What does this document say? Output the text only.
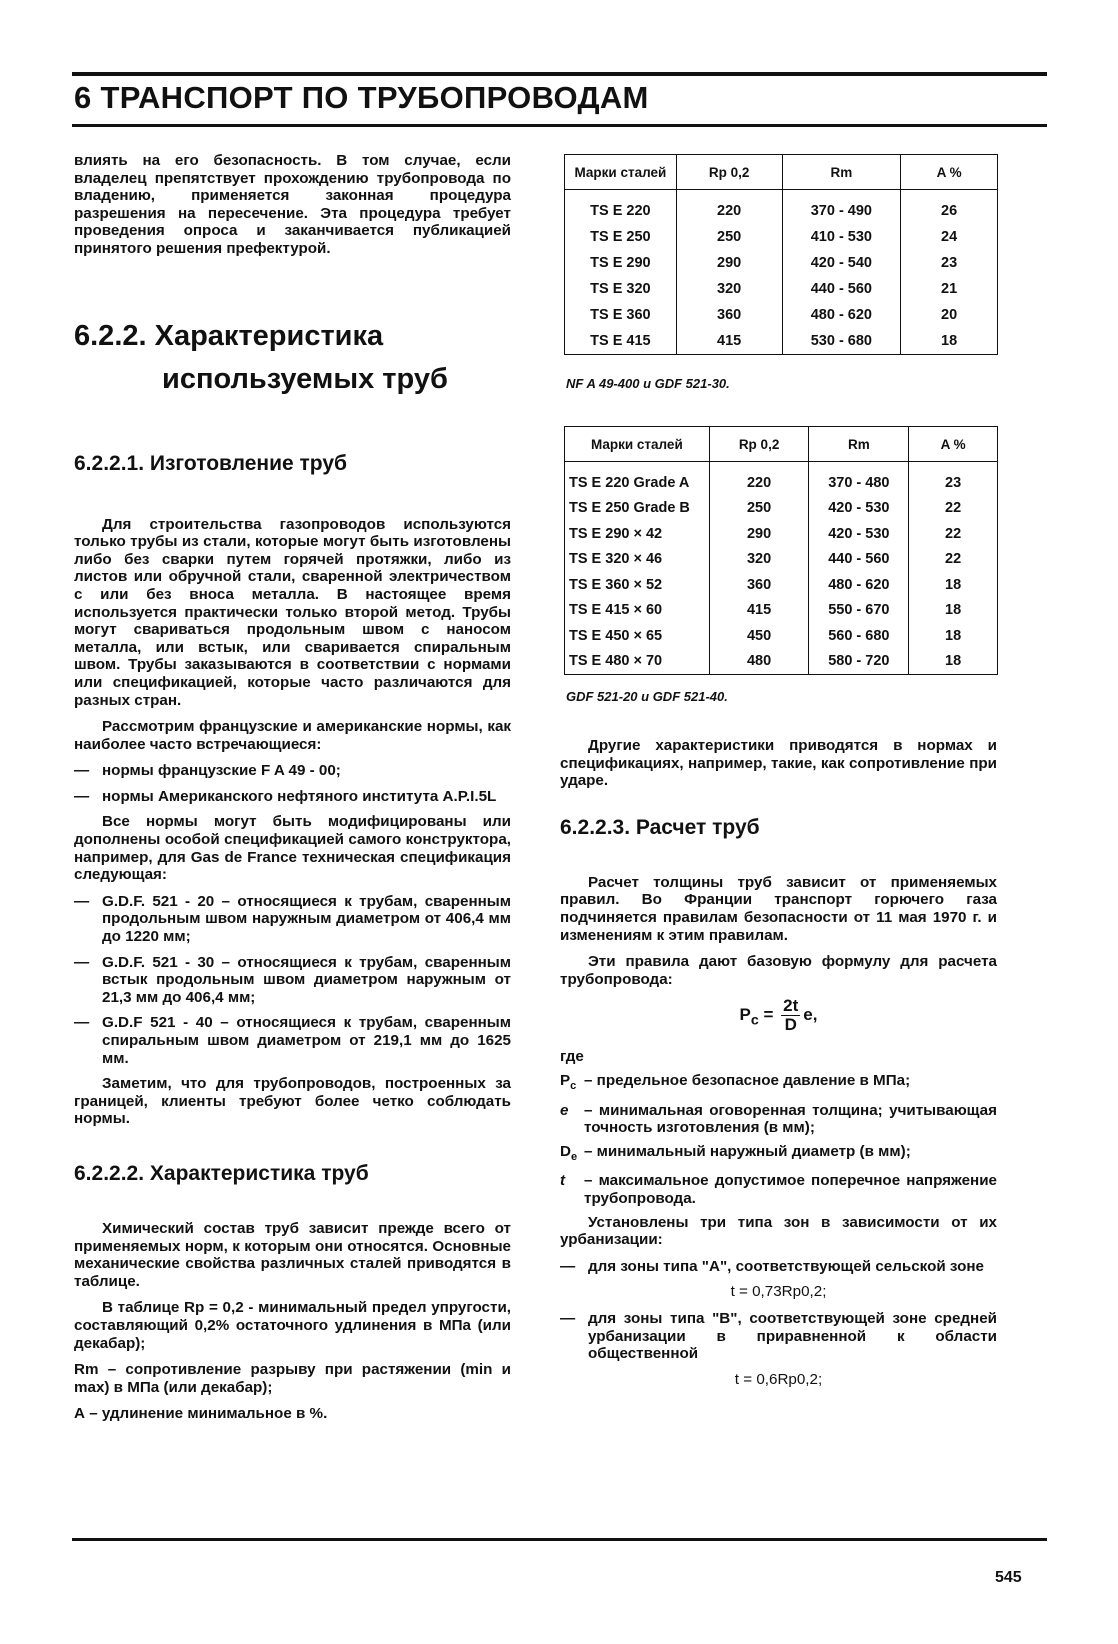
6 ТРАНСПОРТ ПО ТРУБОПРОВОДАМ

влиять на его безопасность. В том случае, если владелец препятствует прохождению трубопровода по владению, применяется законная процедура разрешения на пересечение. Эта процедура требует проведения опроса и заканчивается публикацией принятого решения префектурой.

6.2.2. Характеристика

используемых труб

6.2.2.1. Изготовление труб

Для строительства газопроводов используются только трубы из стали, которые могут быть изготовлены либо без сварки путем горячей протяжки, либо из листов или обручной стали, сваренной электричеством с или без вноса металла. В настоящее время используется практически только второй метод. Трубы могут свариваться продольным швом с наносом металла, или встык, или сваривается спиральным швом. Трубы заказываются в соответствии с нормами или спецификацией, которые часто различаются для разных стран.

Рассмотрим французские и американские нормы, как наиболее часто встречающиеся:

— нормы французские F A 49 - 00;
— нормы Американского нефтяного института A.P.I.5L

Все нормы могут быть модифицированы или дополнены особой спецификацией самого конструктора, например, для Gas de France техническая спецификация следующая:

— G.D.F. 521 - 20 – относящиеся к трубам, сваренным продольным швом наружным диаметром от 406,4 мм до 1220 мм;
— G.D.F. 521 - 30 – относящиеся к трубам, сваренным встык продольным швом диаметром наружным от 21,3 мм до 406,4 мм;
— G.D.F 521 - 40 – относящиеся к трубам, сваренным спиральным швом диаметром от 219,1 мм до 1625 мм.

Заметим, что для трубопроводов, построенных за границей, клиенты требуют более четко соблюдать нормы.

6.2.2.2. Характеристика труб

Химический состав труб зависит прежде всего от применяемых норм, к которым они относятся. Основные механические свойства различных сталей приводятся в таблице.

В таблице Rp = 0,2 - минимальный предел упругости, составляющий 0,2% остаточного удлинения в МПа (или декабар);

Rm – сопротивление разрыву при растяжении (min и max) в МПа (или декабар);

А – удлинение минимальное в %.

Марки сталей	Rp 0,2	Rm	A %
TS E 220	220	370 - 490	26
TS E 250	250	410 - 530	24
TS E 290	290	420 - 540	23
TS E 320	320	440 - 560	21
TS E 360	360	480 - 620	20
TS E 415	415	530 - 680	18

NF A 49-400 и GDF 521-30.

Марки сталей	Rp 0,2	Rm	A %
TS E 220 Grade A	220	370 - 480	23
TS E 250 Grade B	250	420 - 530	22
TS E 290 × 42	290	420 - 530	22
TS E 320 × 46	320	440 - 560	22
TS E 360 × 52	360	480 - 620	18
TS E 415 × 60	415	550 - 670	18
TS E 450 × 65	450	560 - 680	18
TS E 480 × 70	480	580 - 720	18

GDF 521-20 и GDF 521-40.

Другие характеристики приводятся в нормах и спецификациях, например, такие, как сопротивление при ударе.

6.2.2.3. Расчет труб

Расчет толщины труб зависит от применяемых правил. Во Франции транспорт горючего газа подчиняется правилам безопасности от 11 мая 1970 г. и изменениям к этим правилам.

Эти правила дают базовую формулу для расчета трубопровода:

$P_c = \frac{2t}{D} e$,

где

$P_c$ – предельное безопасное давление в МПа;
e	– минимальная оговоренная толщина; учитывающая точность изготовления (в мм);
$D_e$ – минимальный наружный диаметр (в мм);
t	– максимальное допустимое поперечное напряжение трубопровода.

Установлены три типа зон в зависимости от их урбанизации:

— для зоны типа "А", соответствующей сельской зоне

t = 0,73Rp0,2;

— для зоны типа "В", соответствующей зоне средней урбанизации в приравненной к области общественной

t = 0,6Rp0,2;

545
